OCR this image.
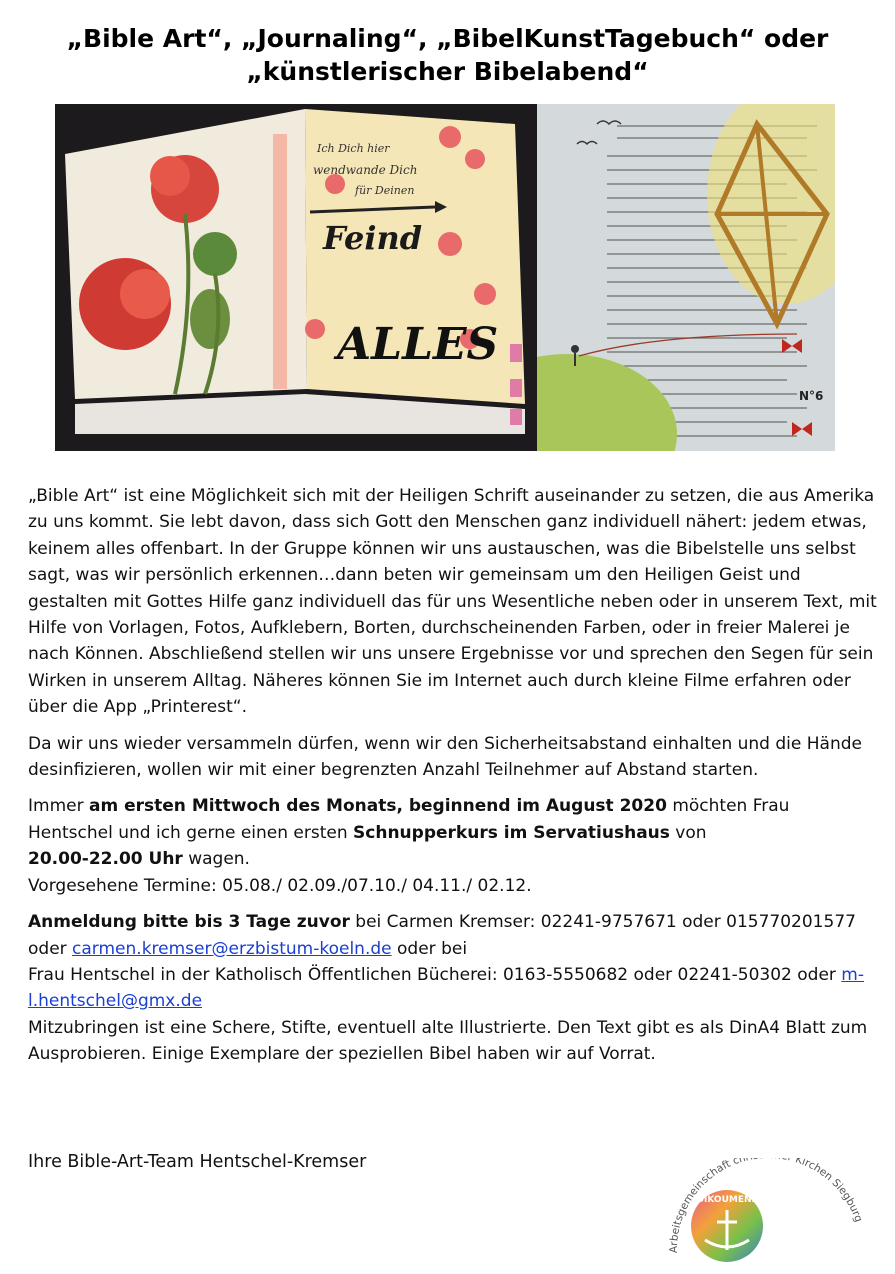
„Bible Art“, „Journaling“, „BibelKunstTagebuch“ oder
„künstlerischer Bibelabend“
Ich Dich hier
wendwande Dich
für Deinen
Feind
ALLES
N°6

„Bible Art“ ist eine Möglichkeit sich mit der Heiligen Schrift auseinander zu setzen, die aus Amerika zu uns kommt. Sie lebt davon, dass sich Gott den Menschen ganz individuell nähert: jedem etwas, keinem alles offenbart. In der Gruppe können wir uns austauschen, was die Bibelstelle uns selbst sagt, was wir persönlich erkennen…dann beten wir gemeinsam um den Heiligen Geist und gestalten mit Gottes Hilfe ganz individuell das für uns Wesentliche neben oder in unserem Text, mit Hilfe von Vorlagen, Fotos, Aufklebern, Borten, durchscheinenden Farben, oder in freier Malerei je nach Können. Abschließend stellen wir uns unsere Ergebnisse vor und sprechen den Segen für sein Wirken in unserem Alltag. Näheres können Sie im Internet auch durch kleine Filme erfahren oder über die App „Printerest“.

Da wir uns wieder versammeln dürfen, wenn wir den Sicherheitsabstand einhalten und die Hände desinfizieren, wollen wir mit einer begrenzten Anzahl Teilnehmer auf Abstand starten.

Immer am ersten Mittwoch des Monats, beginnend im August 2020 möchten Frau Hentschel und ich gerne einen ersten Schnupperkurs im Servatiushaus von
20.00-22.00 Uhr wagen.
Vorgesehene Termine: 05.08./ 02.09./07.10./ 04.11./ 02.12.

Anmeldung bitte bis 3 Tage zuvor bei Carmen Kremser: 02241-9757671 oder 015770201577 oder carmen.kremser@erzbistum-koeln.de oder bei
Frau Hentschel in der Katholisch Öffentlichen Bücherei: 0163-5550682 oder 02241-50302 oder m-l.hentschel@gmx.de
Mitzubringen ist eine Schere, Stifte, eventuell alte Illustrierte. Den Text gibt es als DinA4 Blatt zum Ausprobieren. Einige Exemplare der speziellen Bibel haben wir auf Vorrat.

Ihre Bible-Art-Team Hentschel-Kremser
Arbeitsgemeinschaft ch Kirchen Siegburg
OIKOUMENE
